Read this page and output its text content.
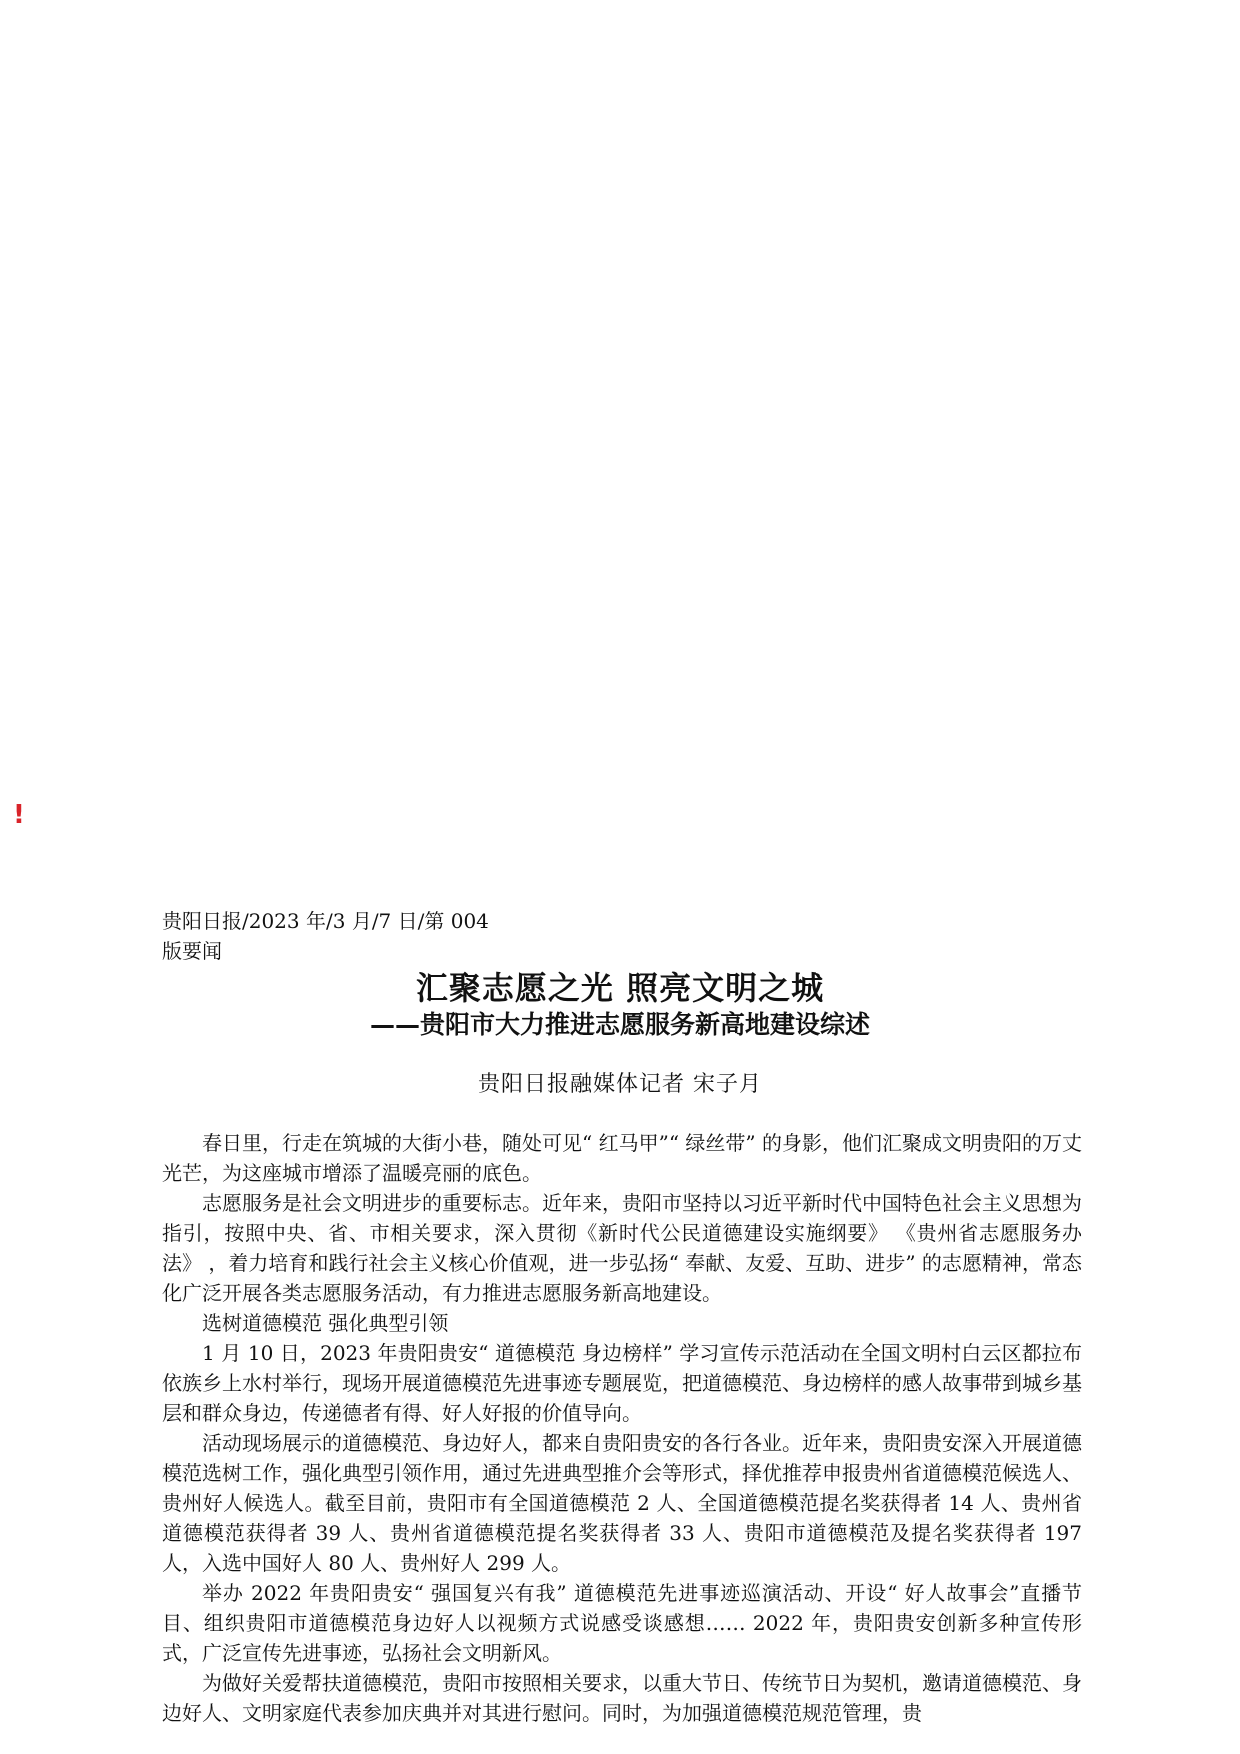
!
贵阳日报/2023 年/3 月/7 日/第 004
版要闻
汇聚志愿之光 照亮文明之城
——贵阳市大力推进志愿服务新高地建设综述
贵阳日报融媒体记者 宋子月

春日里，行走在筑城的大街小巷，随处可见“ 红马甲”“ 绿丝带” 的身影，他们汇聚成文明贵阳的万丈光芒，为这座城市增添了温暖亮丽的底色。

志愿服务是社会文明进步的重要标志。近年来，贵阳市坚持以习近平新时代中国特色社会主义思想为指引，按照中央、省、市相关要求，深入贯彻《新时代公民道德建设实施纲要》 《贵州省志愿服务办法》 ，着力培育和践行社会主义核心价值观，进一步弘扬“ 奉献、友爱、互助、进步” 的志愿精神，常态化广泛开展各类志愿服务活动，有力推进志愿服务新高地建设。

选树道德模范 强化典型引领

1 月 10 日，2023 年贵阳贵安“ 道德模范 身边榜样” 学习宣传示范活动在全国文明村白云区都拉布依族乡上水村举行，现场开展道德模范先进事迹专题展览，把道德模范、身边榜样的感人故事带到城乡基层和群众身边，传递德者有得、好人好报的价值导向。

活动现场展示的道德模范、身边好人，都来自贵阳贵安的各行各业。近年来，贵阳贵安深入开展道德模范选树工作，强化典型引领作用，通过先进典型推介会等形式，择优推荐申报贵州省道德模范候选人、贵州好人候选人。截至目前，贵阳市有全国道德模范 2 人、全国道德模范提名奖获得者 14 人、贵州省道德模范获得者 39 人、贵州省道德模范提名奖获得者 33 人、贵阳市道德模范及提名奖获得者 197 人，入选中国好人 80 人、贵州好人 299 人。

举办 2022 年贵阳贵安“ 强国复兴有我” 道德模范先进事迹巡演活动、开设“ 好人故事会”直播节目、组织贵阳市道德模范身边好人以视频方式说感受谈感想…… 2022 年，贵阳贵安创新多种宣传形式，广泛宣传先进事迹，弘扬社会文明新风。

为做好关爱帮扶道德模范，贵阳市按照相关要求，以重大节日、传统节日为契机，邀请道德模范、身边好人、文明家庭代表参加庆典并对其进行慰问。同时，为加强道德模范规范管理，贵
